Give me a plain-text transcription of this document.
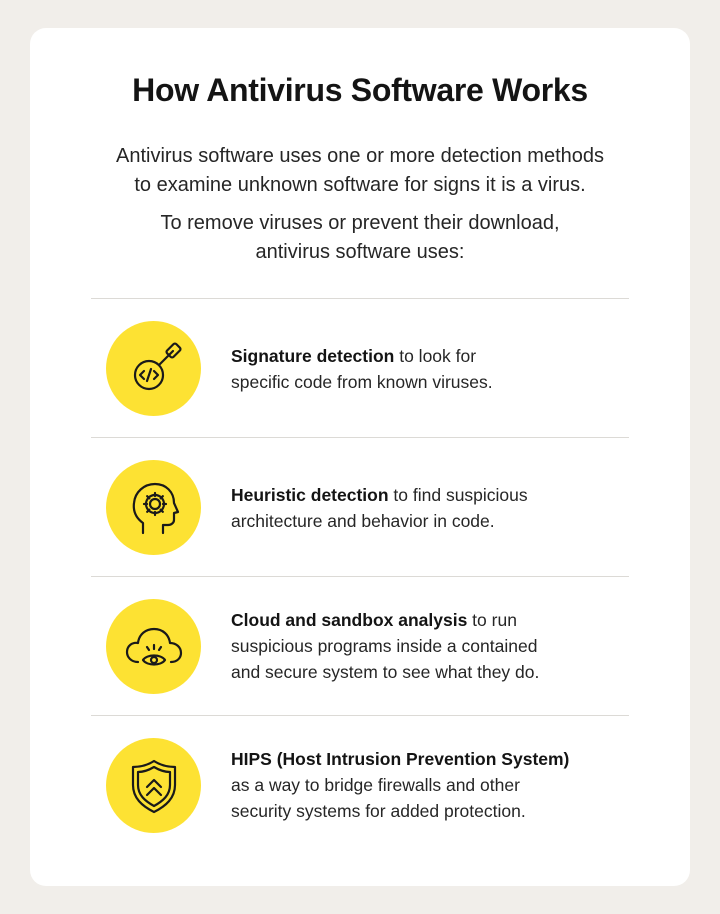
How Antivirus Software Works

Antivirus software uses one or more detection methods
to examine unknown software for signs it is a virus.

To remove viruses or prevent their download,
antivirus software uses:

Signature detection to look for
specific code from known viruses.
Heuristic detection to find suspicious
architecture and behavior in code.
Cloud and sandbox analysis to run
suspicious programs inside a contained
and secure system to see what they do.
HIPS (Host Intrusion Prevention System)
as a way to bridge firewalls and other
security systems for added protection.
